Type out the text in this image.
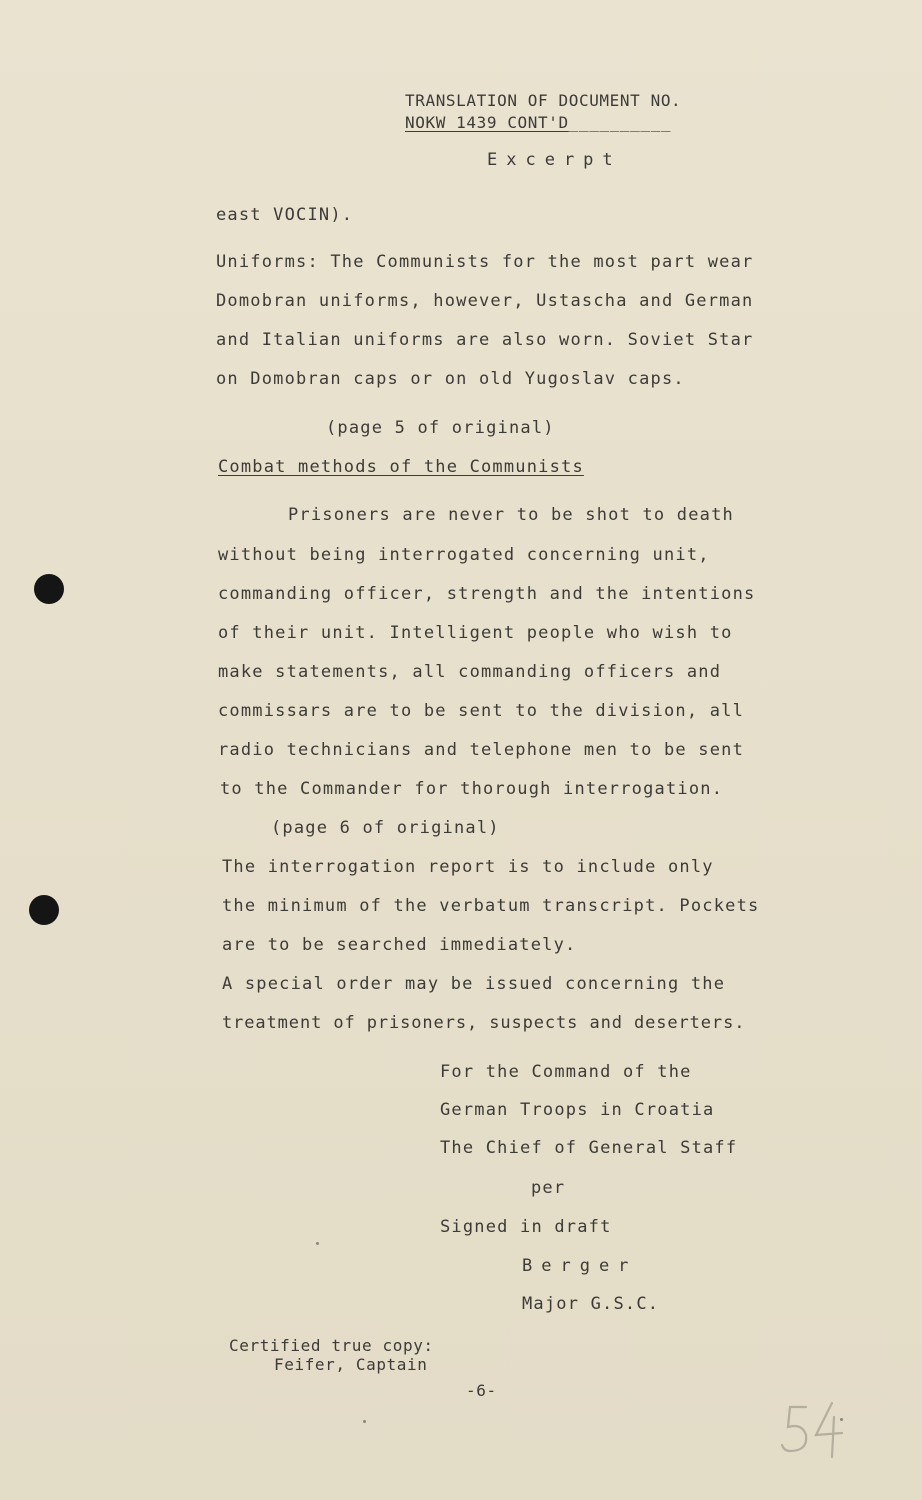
TRANSLATION OF DOCUMENT NO.
NOKW 1439 CONT'D__________
Excerpt
east VOCIN).
Uniforms: The Communists for the most part wear
Domobran uniforms, however, Ustascha and German
and Italian uniforms are also worn. Soviet Star
on Domobran caps or on old Yugoslav caps.
(page 5 of original)
Combat methods of the Communists
Prisoners are never to be shot to death
without being interrogated concerning unit,
commanding officer, strength and the intentions
of their unit. Intelligent people who wish to
make statements, all commanding officers and
commissars are to be sent to the division, all
radio technicians and telephone men to be sent
to the Commander for thorough interrogation.
(page 6 of original)
The interrogation report is to include only
the minimum of the verbatum transcript. Pockets
are to be searched immediately.
A special order may be issued concerning the
treatment of prisoners, suspects and deserters.
For the Command of the
German Troops in Croatia
The Chief of General Staff
per
Signed in draft
Berger
Major G.S.C.
Certified true copy:
Feifer, Captain
-6-
